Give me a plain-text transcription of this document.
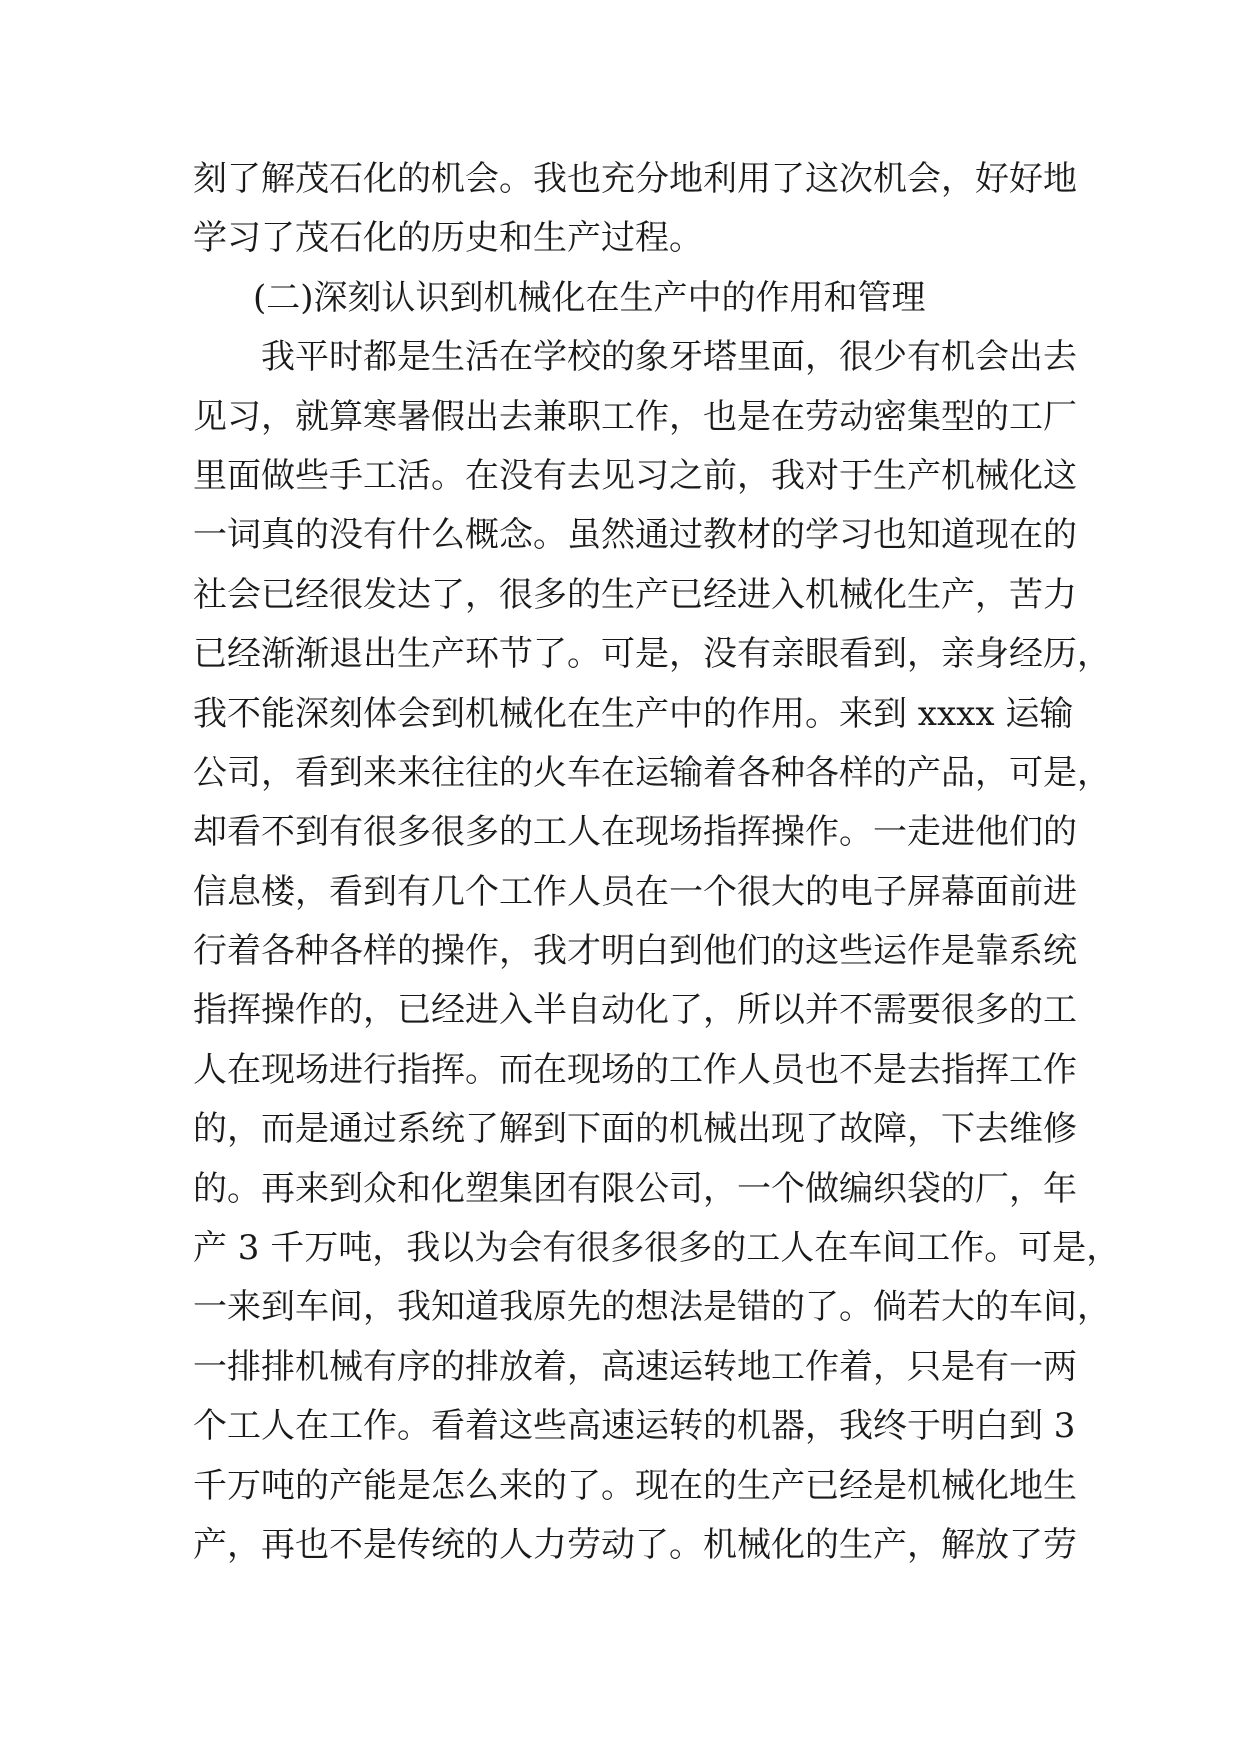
刻了解茂石化的机会。我也充分地利用了这次机会，好好地
学习了茂石化的历史和生产过程。
(二)深刻认识到机械化在生产中的作用和管理
我平时都是生活在学校的象牙塔里面，很少有机会出去
见习，就算寒暑假出去兼职工作，也是在劳动密集型的工厂
里面做些手工活。在没有去见习之前，我对于生产机械化这
一词真的没有什么概念。虽然通过教材的学习也知道现在的
社会已经很发达了，很多的生产已经进入机械化生产，苦力
已经渐渐退出生产环节了。可是，没有亲眼看到，亲身经历，
我不能深刻体会到机械化在生产中的作用。来到 xxxx 运输
公司，看到来来往往的火车在运输着各种各样的产品，可是，
却看不到有很多很多的工人在现场指挥操作。一走进他们的
信息楼，看到有几个工作人员在一个很大的电子屏幕面前进
行着各种各样的操作，我才明白到他们的这些运作是靠系统
指挥操作的，已经进入半自动化了，所以并不需要很多的工
人在现场进行指挥。而在现场的工作人员也不是去指挥工作
的，而是通过系统了解到下面的机械出现了故障，下去维修
的。再来到众和化塑集团有限公司，一个做编织袋的厂，年
产 3 千万吨，我以为会有很多很多的工人在车间工作。可是，
一来到车间，我知道我原先的想法是错的了。倘若大的车间，
一排排机械有序的排放着，高速运转地工作着，只是有一两
个工人在工作。看着这些高速运转的机器，我终于明白到 3
千万吨的产能是怎么来的了。现在的生产已经是机械化地生
产，再也不是传统的人力劳动了。机械化的生产，解放了劳
